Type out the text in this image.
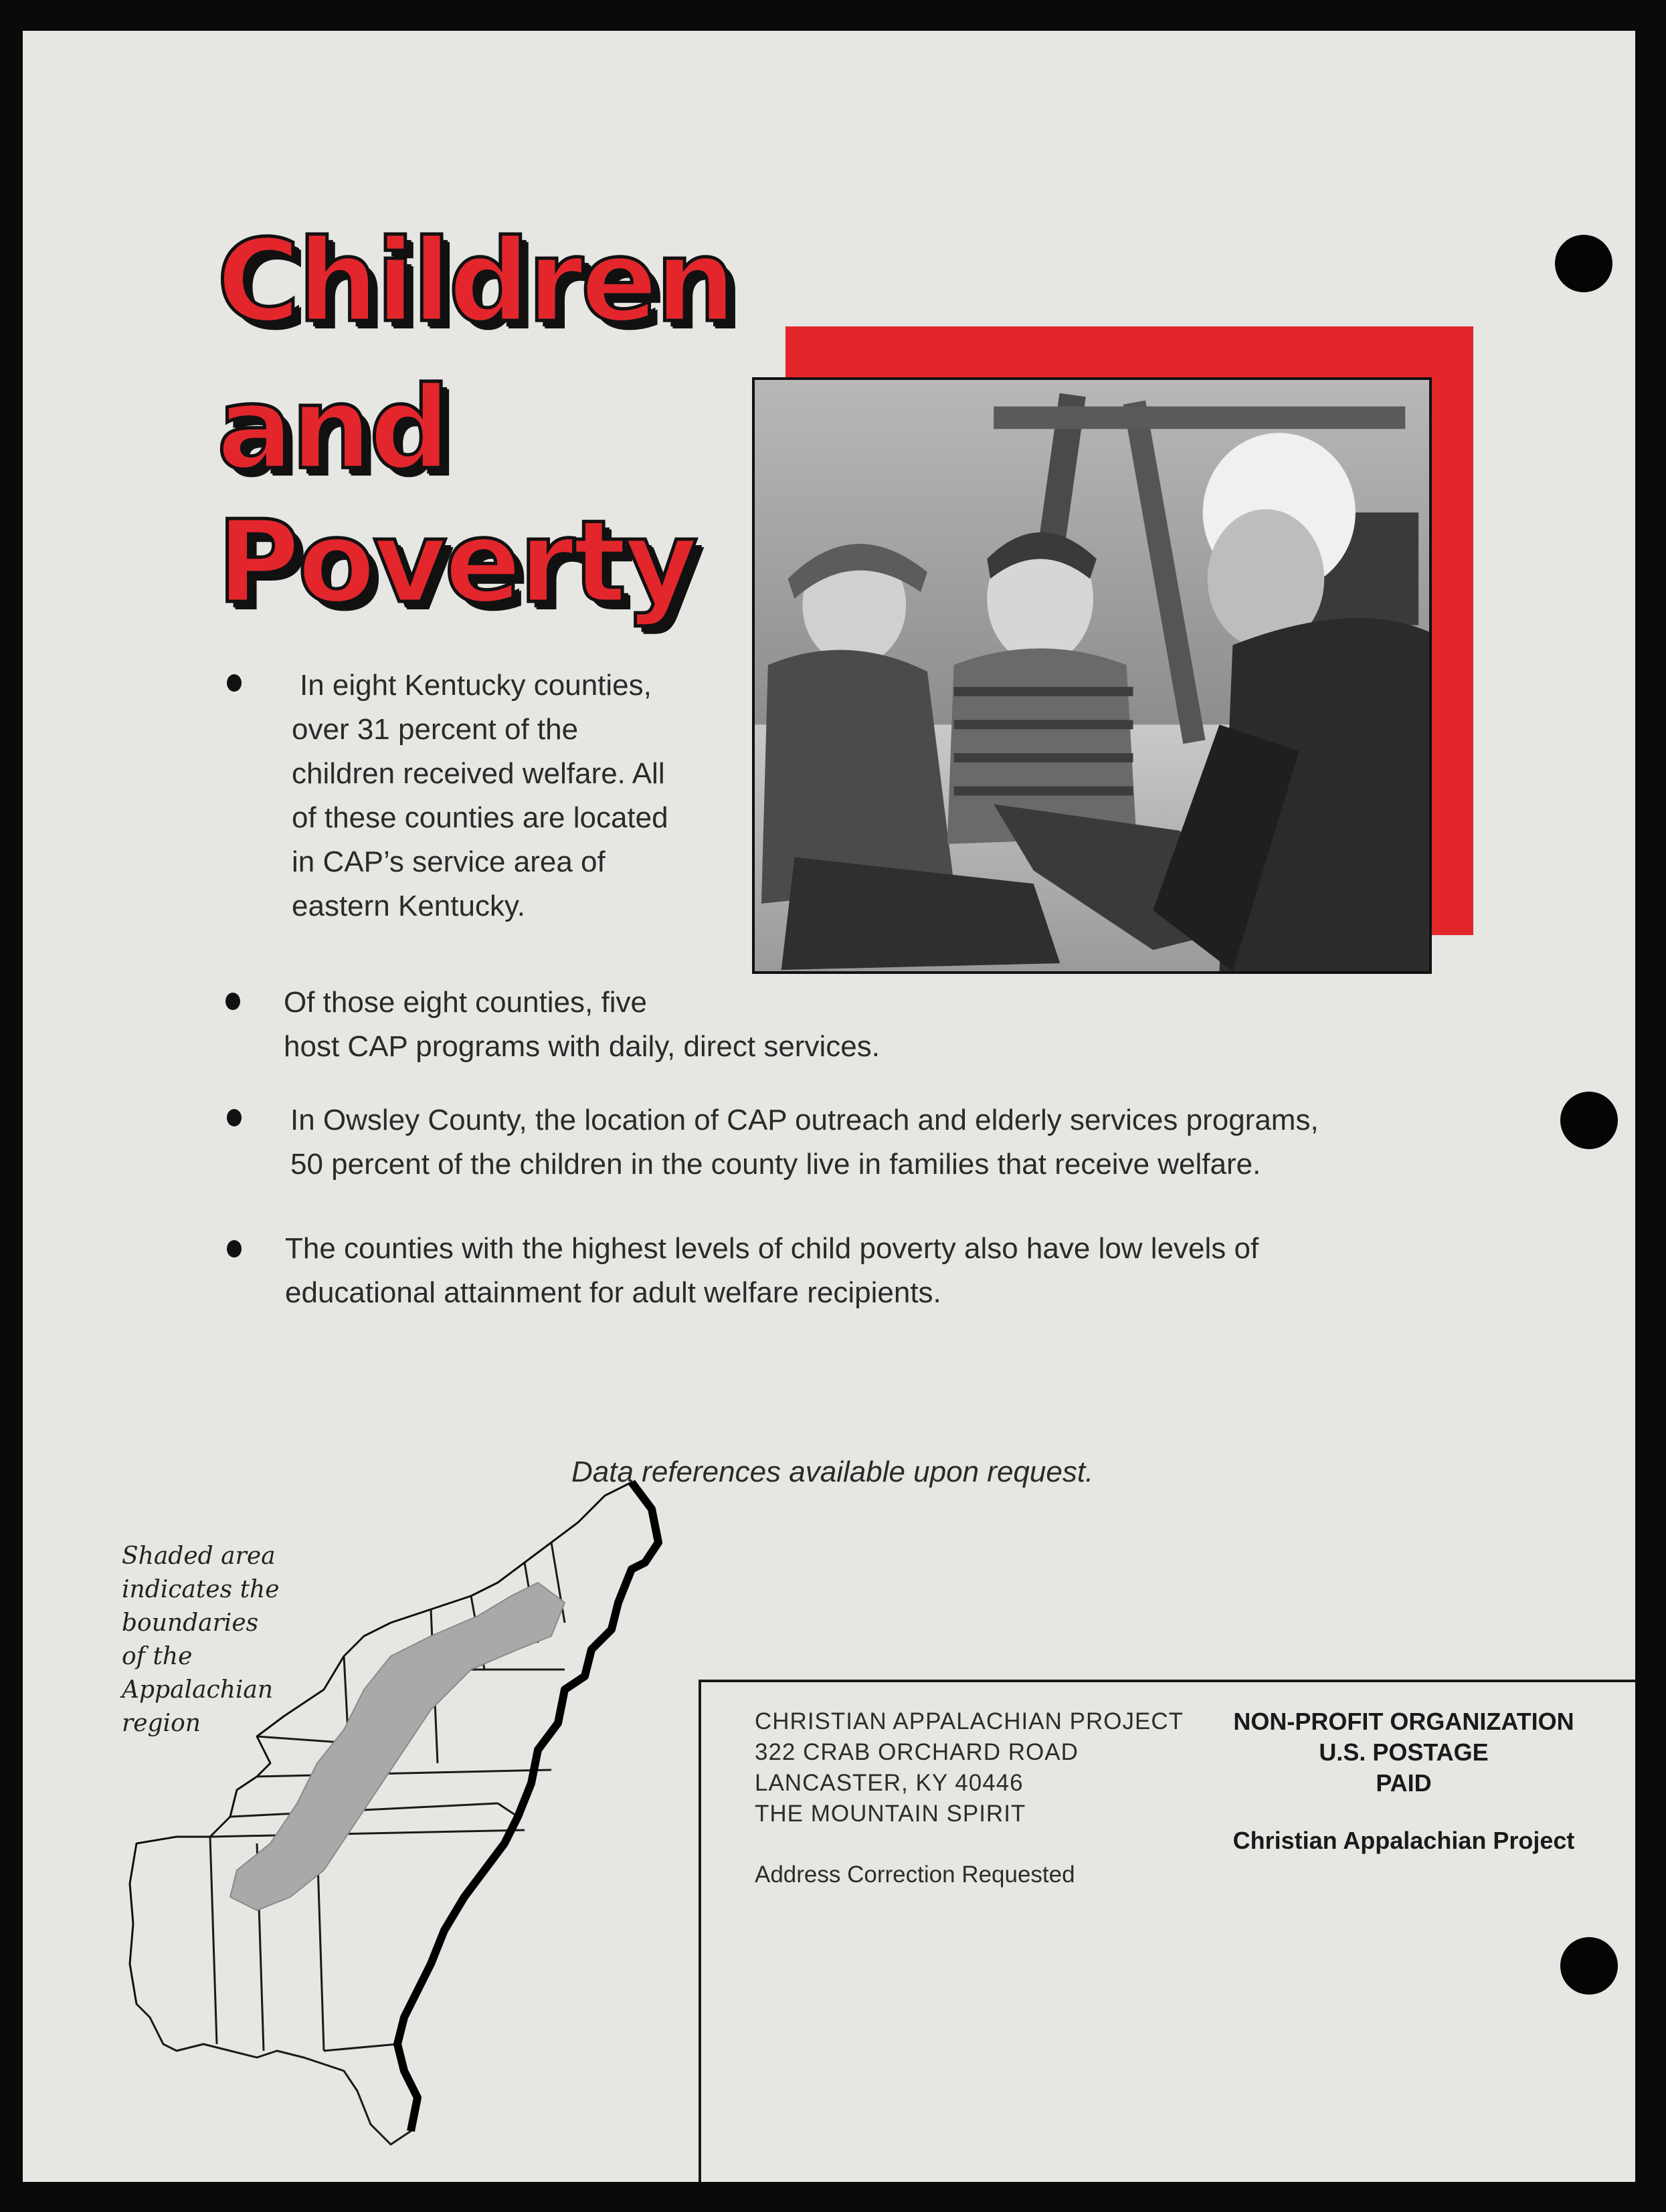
Children
and
Poverty

In eight Kentucky counties,
over 31 percent of the
children received welfare. All
of these counties are located
in CAP’s service area of
eastern Kentucky.

Of those eight counties, five
host CAP programs with daily, direct services.

In Owsley County, the location of CAP outreach and elderly services programs,
50 percent of the children in the county live in families that receive welfare.

The counties with the highest levels of child poverty also have low levels of
educational attainment for adult welfare recipients.

Data references available upon request.

Shaded area
indicates the
boundaries
of the
Appalachian
region	CHRISTIAN APPALACHIAN PROJECT
322 CRAB ORCHARD ROAD
LANCASTER, KY 40446
THE MOUNTAIN SPIRIT

Address Correction Requested

NON-PROFIT ORGANIZATION
U.S. POSTAGE
PAID

Christian Appalachian Project
